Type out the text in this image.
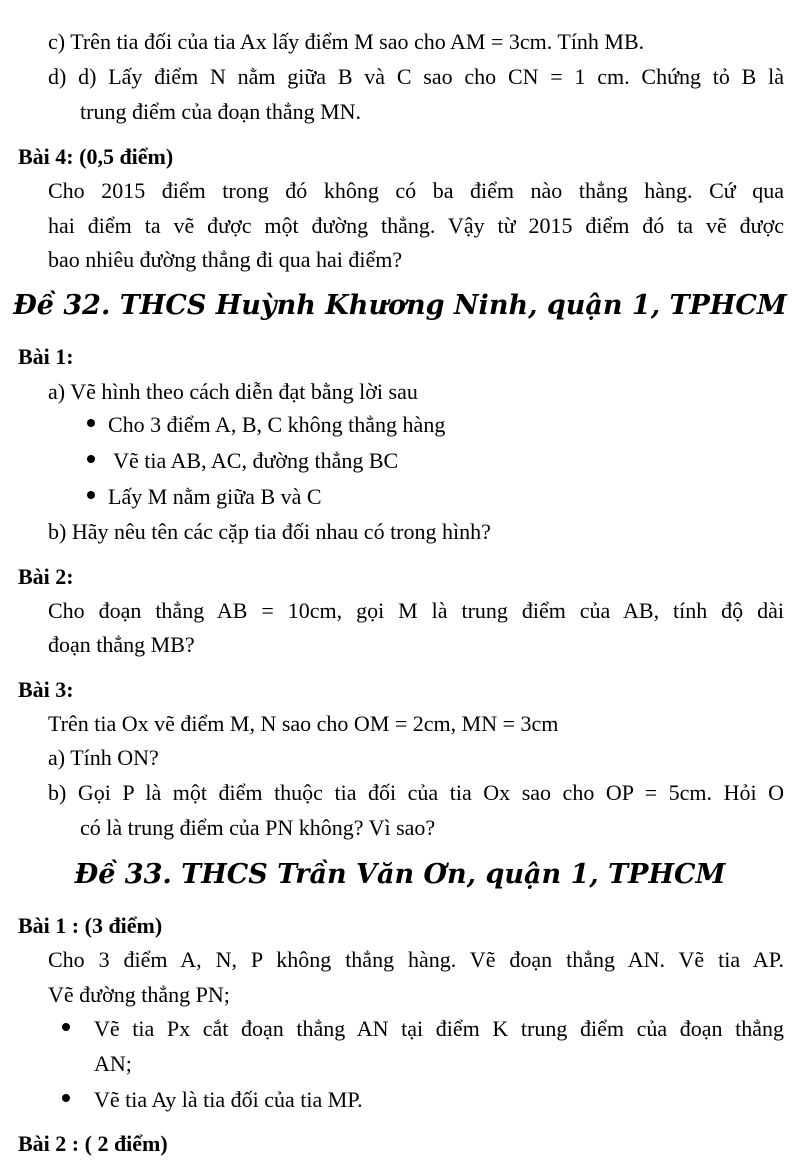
c) Trên tia đối của tia Ax lấy điểm M sao cho AM = 3cm. Tính MB.
d) d) Lấy điểm N nằm giữa B và C sao cho CN = 1 cm. Chứng tỏ B là
trung điểm của đoạn thẳng MN.
Bài 4: (0,5 điểm)
Cho 2015 điểm trong đó không có ba điểm nào thẳng hàng. Cứ qua
hai điểm ta vẽ được một đường thẳng. Vậy từ 2015 điểm đó ta vẽ được
bao nhiêu đường thẳng đi qua hai điểm?
Đề 32. THCS Huỳnh Khương Ninh, quận 1, TPHCM
Bài 1:
a) Vẽ hình theo cách diễn đạt bằng lời sau
Cho 3 điểm A, B, C không thẳng hàng
Vẽ tia AB, AC, đường thẳng BC
Lấy M nằm giữa B và C
b) Hãy nêu tên các cặp tia đối nhau có trong hình?
Bài 2:
Cho đoạn thẳng AB = 10cm, gọi M là trung điểm của AB, tính độ dài
đoạn thẳng MB?
Bài 3:
Trên tia Ox vẽ điểm M, N sao cho OM = 2cm, MN = 3cm
a) Tính ON?
b) Gọi P là một điểm thuộc tia đối của tia Ox sao cho OP = 5cm. Hỏi O
có là trung điểm của PN không? Vì sao?
Đề 33. THCS Trần Văn Ơn, quận 1, TPHCM
Bài 1 : (3 điểm)
Cho 3 điểm A, N, P không thẳng hàng. Vẽ đoạn thẳng AN. Vẽ tia AP.
Vẽ đường thẳng PN;
Vẽ tia Px cắt đoạn thẳng AN tại điểm K trung điểm của đoạn thẳng
AN;
Vẽ tia Ay là tia đối của tia MP.
Bài 2 : ( 2 điểm)
